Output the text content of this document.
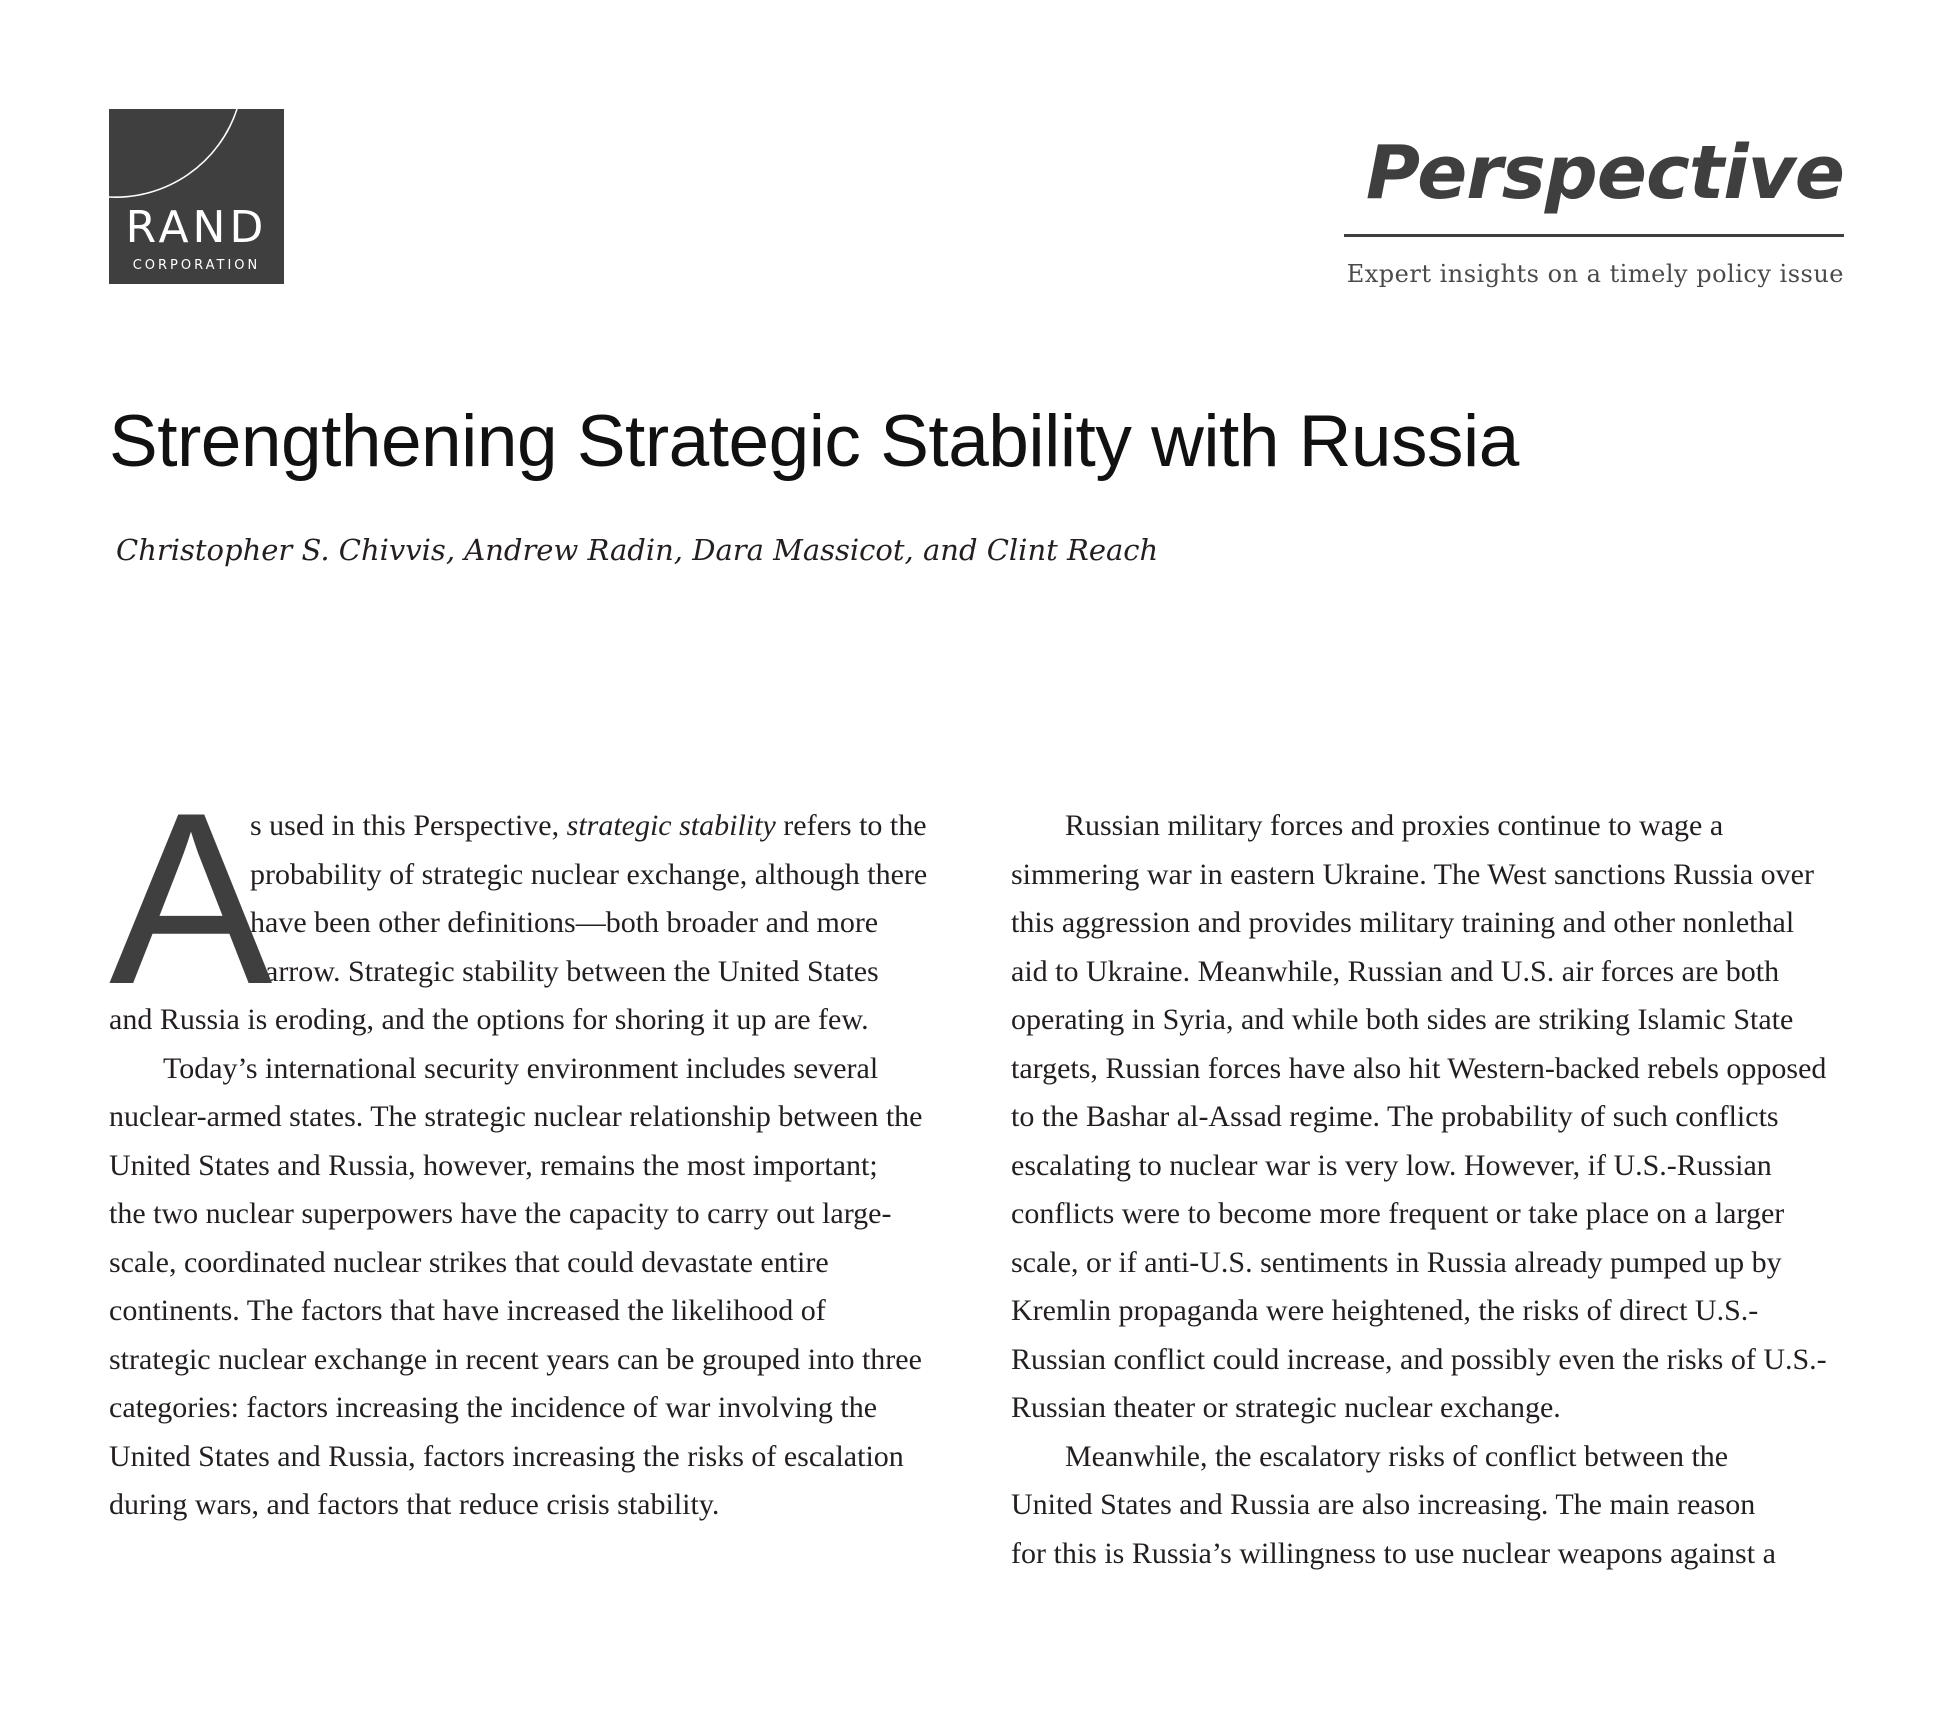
RAND
CORPORATION
Perspective
Expert insights on a timely policy issue
Strengthening Strategic Stability with Russia
Christopher S. Chivvis, Andrew Radin, Dara Massicot, and Clint Reach
A
s used in this Perspective, strategic stability refers to the
probability of strategic nuclear exchange, although there
have been other definitions—both broader and more
narrow. Strategic stability between the United States
and Russia is eroding, and the options for shoring it up are few.
Today’s international security environment includes several
nuclear-armed states. The strategic nuclear relationship between the
United States and Russia, however, remains the most important;
the two nuclear superpowers have the capacity to carry out large-
scale, coordinated nuclear strikes that could devastate entire
continents. The factors that have increased the likelihood of
strategic nuclear exchange in recent years can be grouped into three
categories: factors increasing the incidence of war involving the
United States and Russia, factors increasing the risks of escalation
during wars, and factors that reduce crisis stability.
Russian military forces and proxies continue to wage a
simmering war in eastern Ukraine. The West sanctions Russia over
this aggression and provides military training and other nonlethal
aid to Ukraine. Meanwhile, Russian and U.S. air forces are both
operating in Syria, and while both sides are striking Islamic State
targets, Russian forces have also hit Western-backed rebels opposed
to the Bashar al-Assad regime. The probability of such conflicts
escalating to nuclear war is very low. However, if U.S.-Russian
conflicts were to become more frequent or take place on a larger
scale, or if anti-U.S. sentiments in Russia already pumped up by
Kremlin propaganda were heightened, the risks of direct U.S.-
Russian conflict could increase, and possibly even the risks of U.S.-
Russian theater or strategic nuclear exchange.
Meanwhile, the escalatory risks of conflict between the
United States and Russia are also increasing. The main reason
for this is Russia’s willingness to use nuclear weapons against a
